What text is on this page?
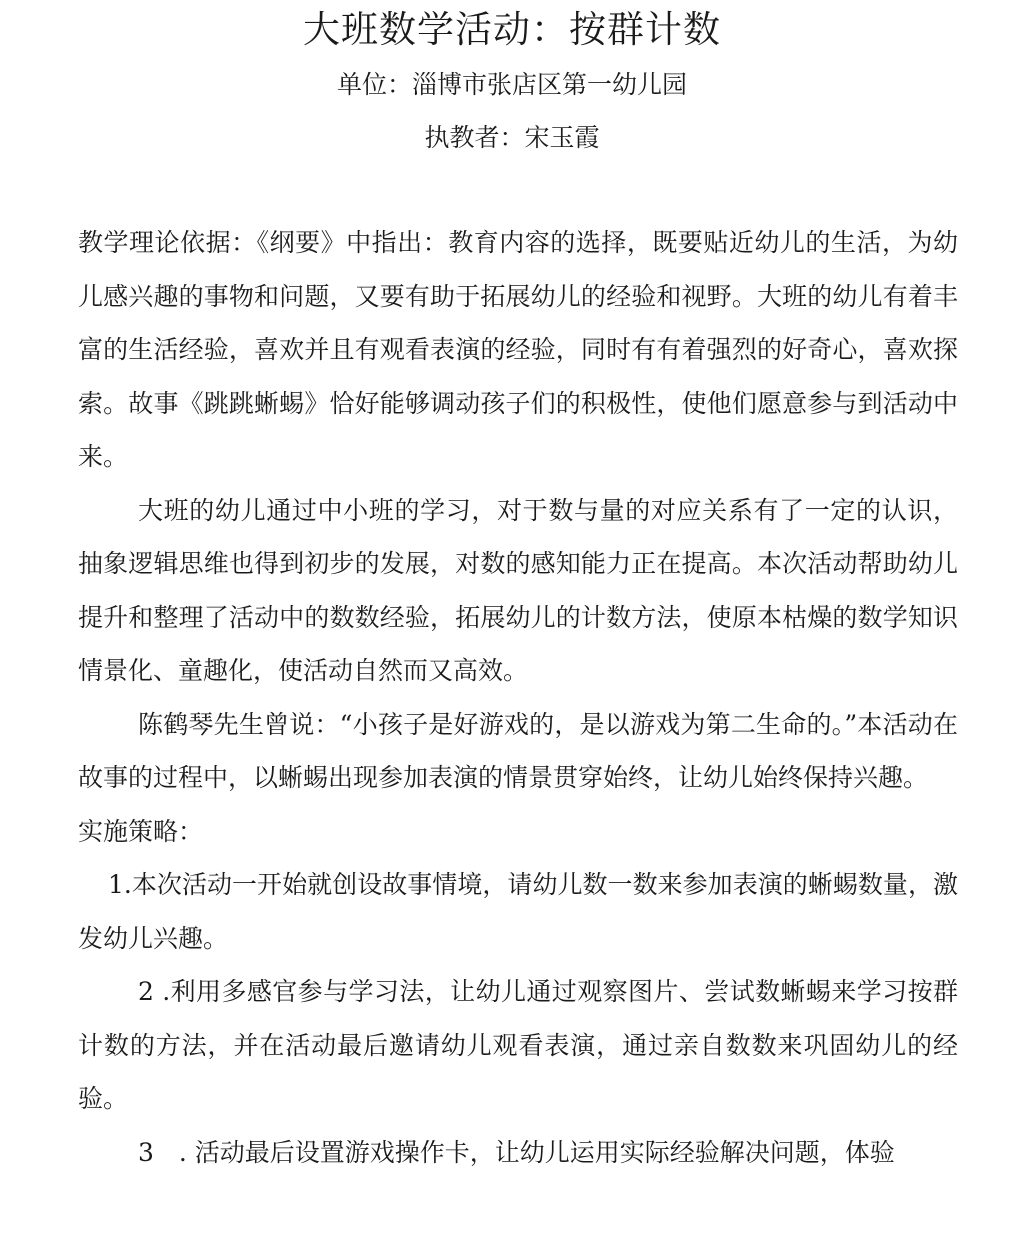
大班数学活动：按群计数
单位：淄博市张店区第一幼儿园
执教者：宋玉霞

教学理论依据：《纲要》中指出：教育内容的选择，既要贴近幼儿的生活，为幼儿感兴趣的事物和问题，又要有助于拓展幼儿的经验和视野。大班的幼儿有着丰富的生活经验，喜欢并且有观看表演的经验，同时有有着强烈的好奇心，喜欢探索。故事《跳跳蜥蜴》恰好能够调动孩子们的积极性，使他们愿意参与到活动中来。

大班的幼儿通过中小班的学习，对于数与量的对应关系有了一定的认识，抽象逻辑思维也得到初步的发展，对数的感知能力正在提高。本次活动帮助幼儿提升和整理了活动中的数数经验，拓展幼儿的计数方法，使原本枯燥的数学知识情景化、童趣化，使活动自然而又高效。

陈鹤琴先生曾说：“小孩子是好游戏的，是以游戏为第二生命的。”本活动在故事的过程中，以蜥蜴出现参加表演的情景贯穿始终，让幼儿始终保持兴趣。

实施策略：

1.本次活动一开始就创设故事情境，请幼儿数一数来参加表演的蜥蜴数量，激发幼儿兴趣。

2 .利用多感官参与学习法，让幼儿通过观察图片、尝试数蜥蜴来学习按群计数的方法，并在活动最后邀请幼儿观看表演，通过亲自数数来巩固幼儿的经验。

3　. 活动最后设置游戏操作卡，让幼儿运用实际经验解决问题，体验
